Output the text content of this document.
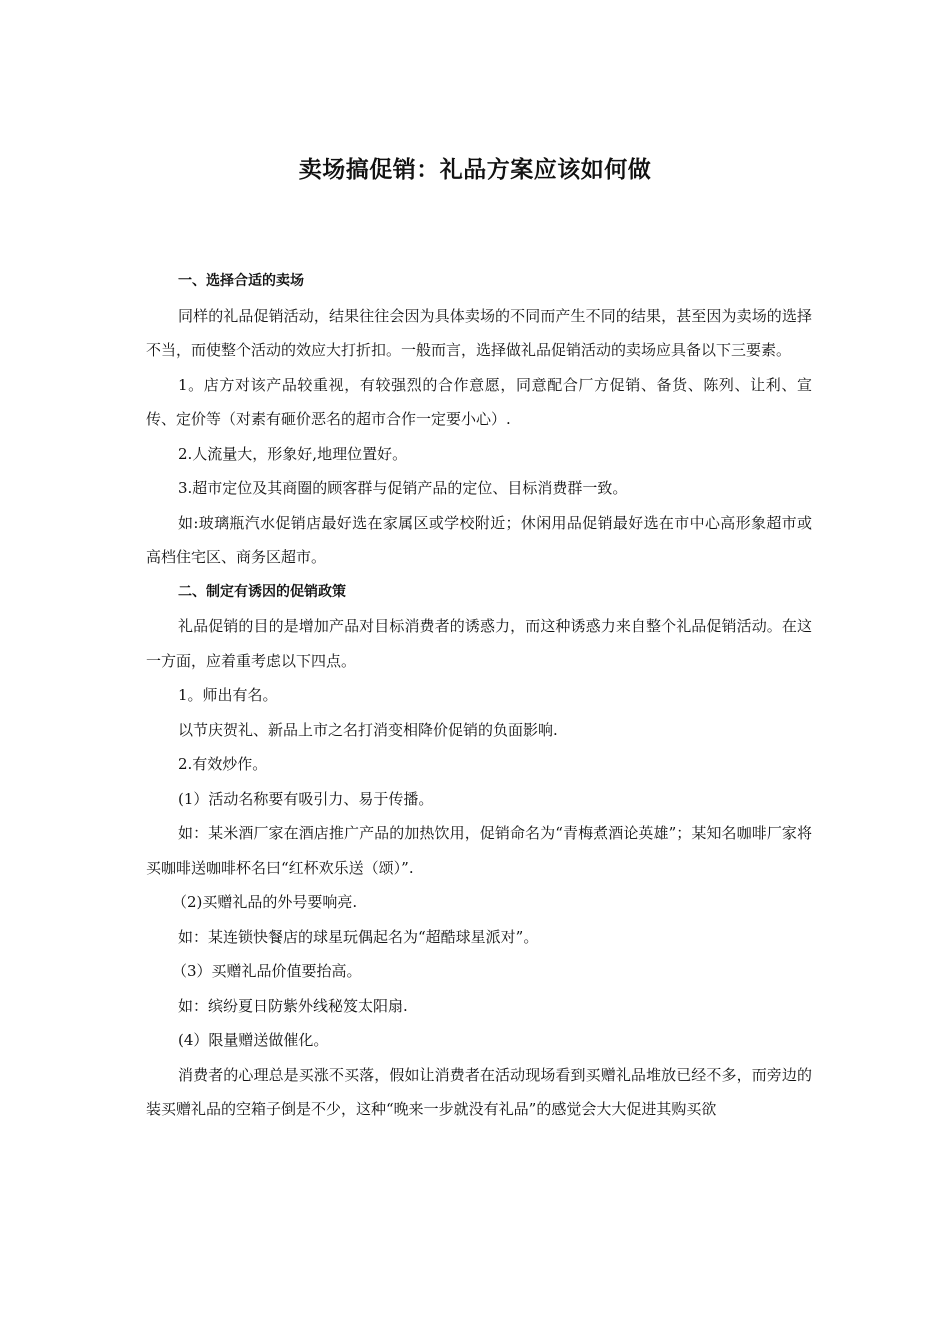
卖场搞促销：礼品方案应该如何做

一、选择合适的卖场

同样的礼品促销活动，结果往往会因为具体卖场的不同而产生不同的结果，甚至因为卖场的选择不当，而使整个活动的效应大打折扣。一般而言，选择做礼品促销活动的卖场应具备以下三要素。

1。店方对该产品较重视，有较强烈的合作意愿，同意配合厂方促销、备货、陈列、让利、宣传、定价等（对素有砸价恶名的超市合作一定要小心）.

2.人流量大，形象好,地理位置好。

3.超市定位及其商圈的顾客群与促销产品的定位、目标消费群一致。

如:玻璃瓶汽水促销店最好选在家属区或学校附近；休闲用品促销最好选在市中心高形象超市或高档住宅区、商务区超市。

二、制定有诱因的促销政策

礼品促销的目的是增加产品对目标消费者的诱惑力，而这种诱惑力来自整个礼品促销活动。在这一方面，应着重考虑以下四点。

1。师出有名。

以节庆贺礼、新品上市之名打消变相降价促销的负面影响.

2.有效炒作。

(1）活动名称要有吸引力、易于传播。

如：某米酒厂家在酒店推广产品的加热饮用，促销命名为“青梅煮酒论英雄”；某知名咖啡厂家将买咖啡送咖啡杯名曰“红杯欢乐送（颂）”.

（2)买赠礼品的外号要响亮.

如：某连锁快餐店的球星玩偶起名为“超酷球星派对”。

（3）买赠礼品价值要抬高。

如：缤纷夏日防紫外线秘笈太阳扇.

(4）限量赠送做催化。

消费者的心理总是买涨不买落，假如让消费者在活动现场看到买赠礼品堆放已经不多，而旁边的装买赠礼品的空箱子倒是不少，这种“晚来一步就没有礼品”的感觉会大大促进其购买欲
